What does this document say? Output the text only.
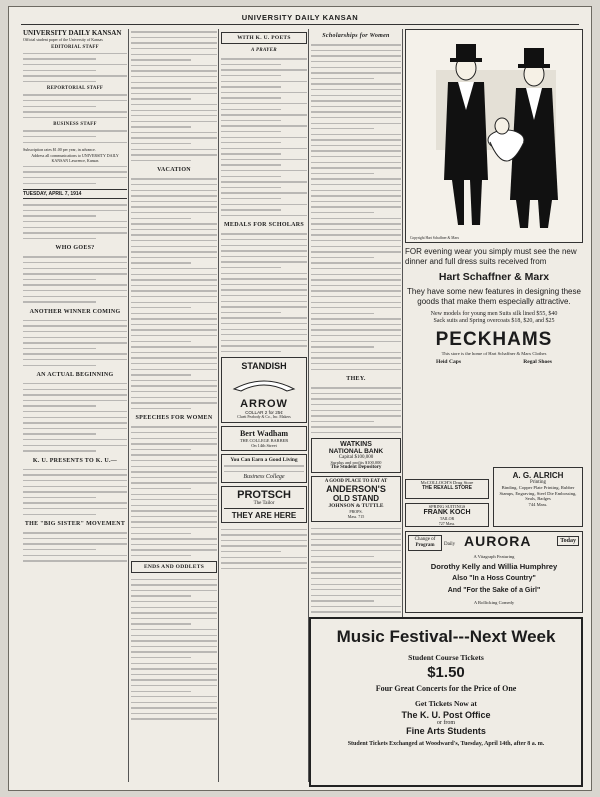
UNIVERSITY DAILY KANSAN
UNIVERSITY DAILY KANSAN
Official student paper of the University of Kansas
EDITORIAL STAFF
REPORTORIAL STAFF
BUSINESS STAFF
Subscription rates $1.00 per year, in advance.
Address all communications to UNIVERSITY DAILY KANSAN Lawrence, Kansas
TUESDAY, APRIL 7, 1914
WHO GOES?
ANOTHER WINNER COMING
AN ACTUAL BEGINNING
K. U. PRESENTS TO K. U.—
THE "BIG SISTER" MOVEMENT
VACATION
SPEECHES FOR WOMEN
ENDS AND ODDLETS
WITH K. U. POETS
A PRAYER
MEDALS FOR SCHOLARS
STANDISH
ARROW
COLLAR 2 for 25¢
Cluett Peabody & Co., Inc. Makers
Bert Wadham
THE COLLEGE BARBER
On 14th Street
You Can Earn a Good Living
Business College
PROTSCH
The Tailor
THEY ARE HERE
Scholarships for Women
THEY.
WATKINS
NATIONAL BANK
Capital $100,000
Surplus and profits $100,000
The Student Depository
A GOOD PLACE TO EAT AT
ANDERSON'S
OLD STAND
JOHNSON & TUTTLE
PROPS.
Mass. 715
Copyright Hart Schaffner & Marx
FOR evening wear you simply must see the new dinner and full dress suits received from
Hart Schaffner & Marx
They have some new features in designing these goods that make them especially attractive.
New models for young men Suits silk lined $55, $40 Sack suits and Spring overcoats $18, $20, and $25
PECKHAMS
This store is the home of Hart Schaffner & Marx Clothes
Heid Caps	Regal Shoes
McCOLLOCH'S Drug Store
THE REXALL STORE
A. G. ALRICH
Printing
Binding, Copper Plate Printing, Rubber Stamps, Engraving, Steel Die Embossing, Seals, Badges
744 Mass.
SPRING SUITINGS
FRANK KOCH
TAILOR
727 Mass.
Change of
Program	Daily AURORA	Today
A Vitagraph Featuring
Dorothy Kelly and Willia Humphrey
Also "In a Hoss Country"
And "For the Sake of a Girl"
A Rollicking Comedy
Music Festival---Next Week
Student Course Tickets
$1.50
Four Great Concerts for the Price of One
Get Tickets Now at
The K. U. Post Office
or from
Fine Arts Students
Student Tickets Exchanged at Woodward's, Tuesday, April 14th, after 8 a. m.
